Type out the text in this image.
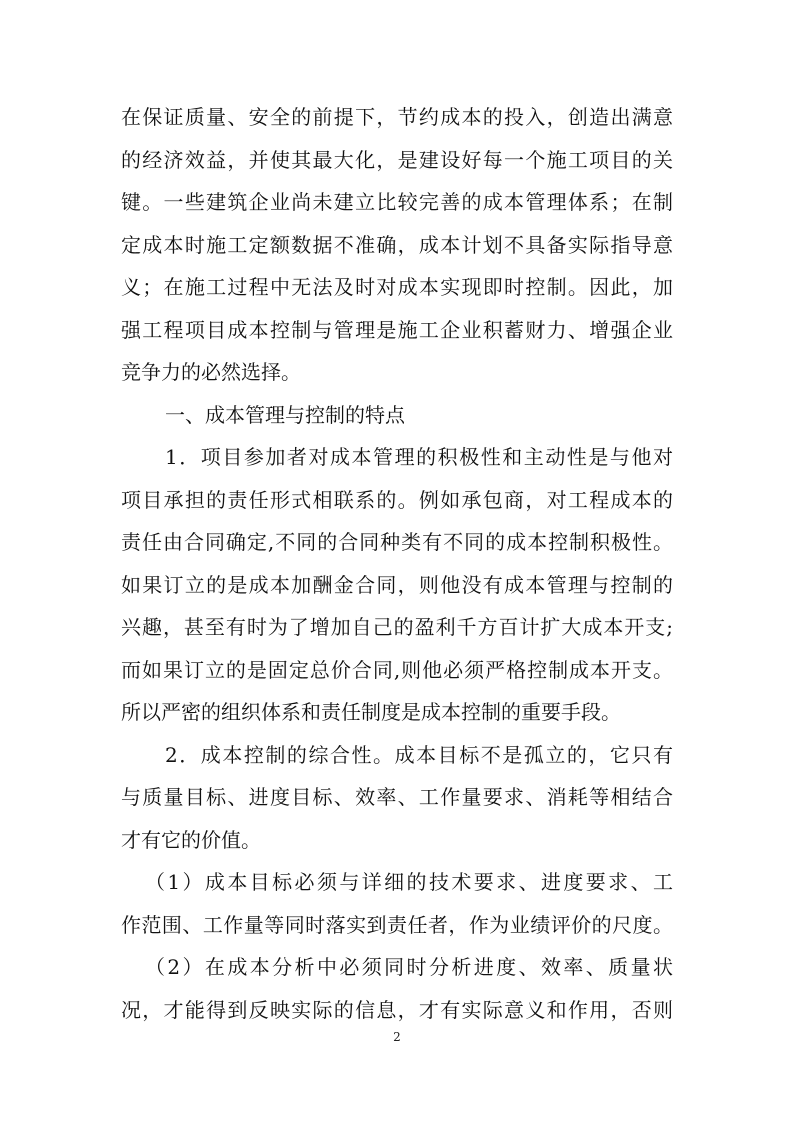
在保证质量、安全的前提下，节约成本的投入，创造出满意
的经济效益，并使其最大化，是建设好每一个施工项目的关
键。一些建筑企业尚未建立比较完善的成本管理体系；在制
定成本时施工定额数据不准确，成本计划不具备实际指导意
义；在施工过程中无法及时对成本实现即时控制。因此，加
强工程项目成本控制与管理是施工企业积蓄财力、增强企业
竞争力的必然选择。
一、成本管理与控制的特点
1．项目参加者对成本管理的积极性和主动性是与他对
项目承担的责任形式相联系的。例如承包商，对工程成本的
责任由合同确定,不同的合同种类有不同的成本控制积极性。
如果订立的是成本加酬金合同，则他没有成本管理与控制的
兴趣，甚至有时为了增加自己的盈利千方百计扩大成本开支;
而如果订立的是固定总价合同,则他必须严格控制成本开支。
所以严密的组织体系和责任制度是成本控制的重要手段。
2．成本控制的综合性。成本目标不是孤立的，它只有
与质量目标、进度目标、效率、工作量要求、消耗等相结合
才有它的价值。
（1）成本目标必须与详细的技术要求、进度要求、工
作范围、工作量等同时落实到责任者，作为业绩评价的尺度。
（2）在成本分析中必须同时分析进度、效率、质量状
况，才能得到反映实际的信息，才有实际意义和作用，否则
2
